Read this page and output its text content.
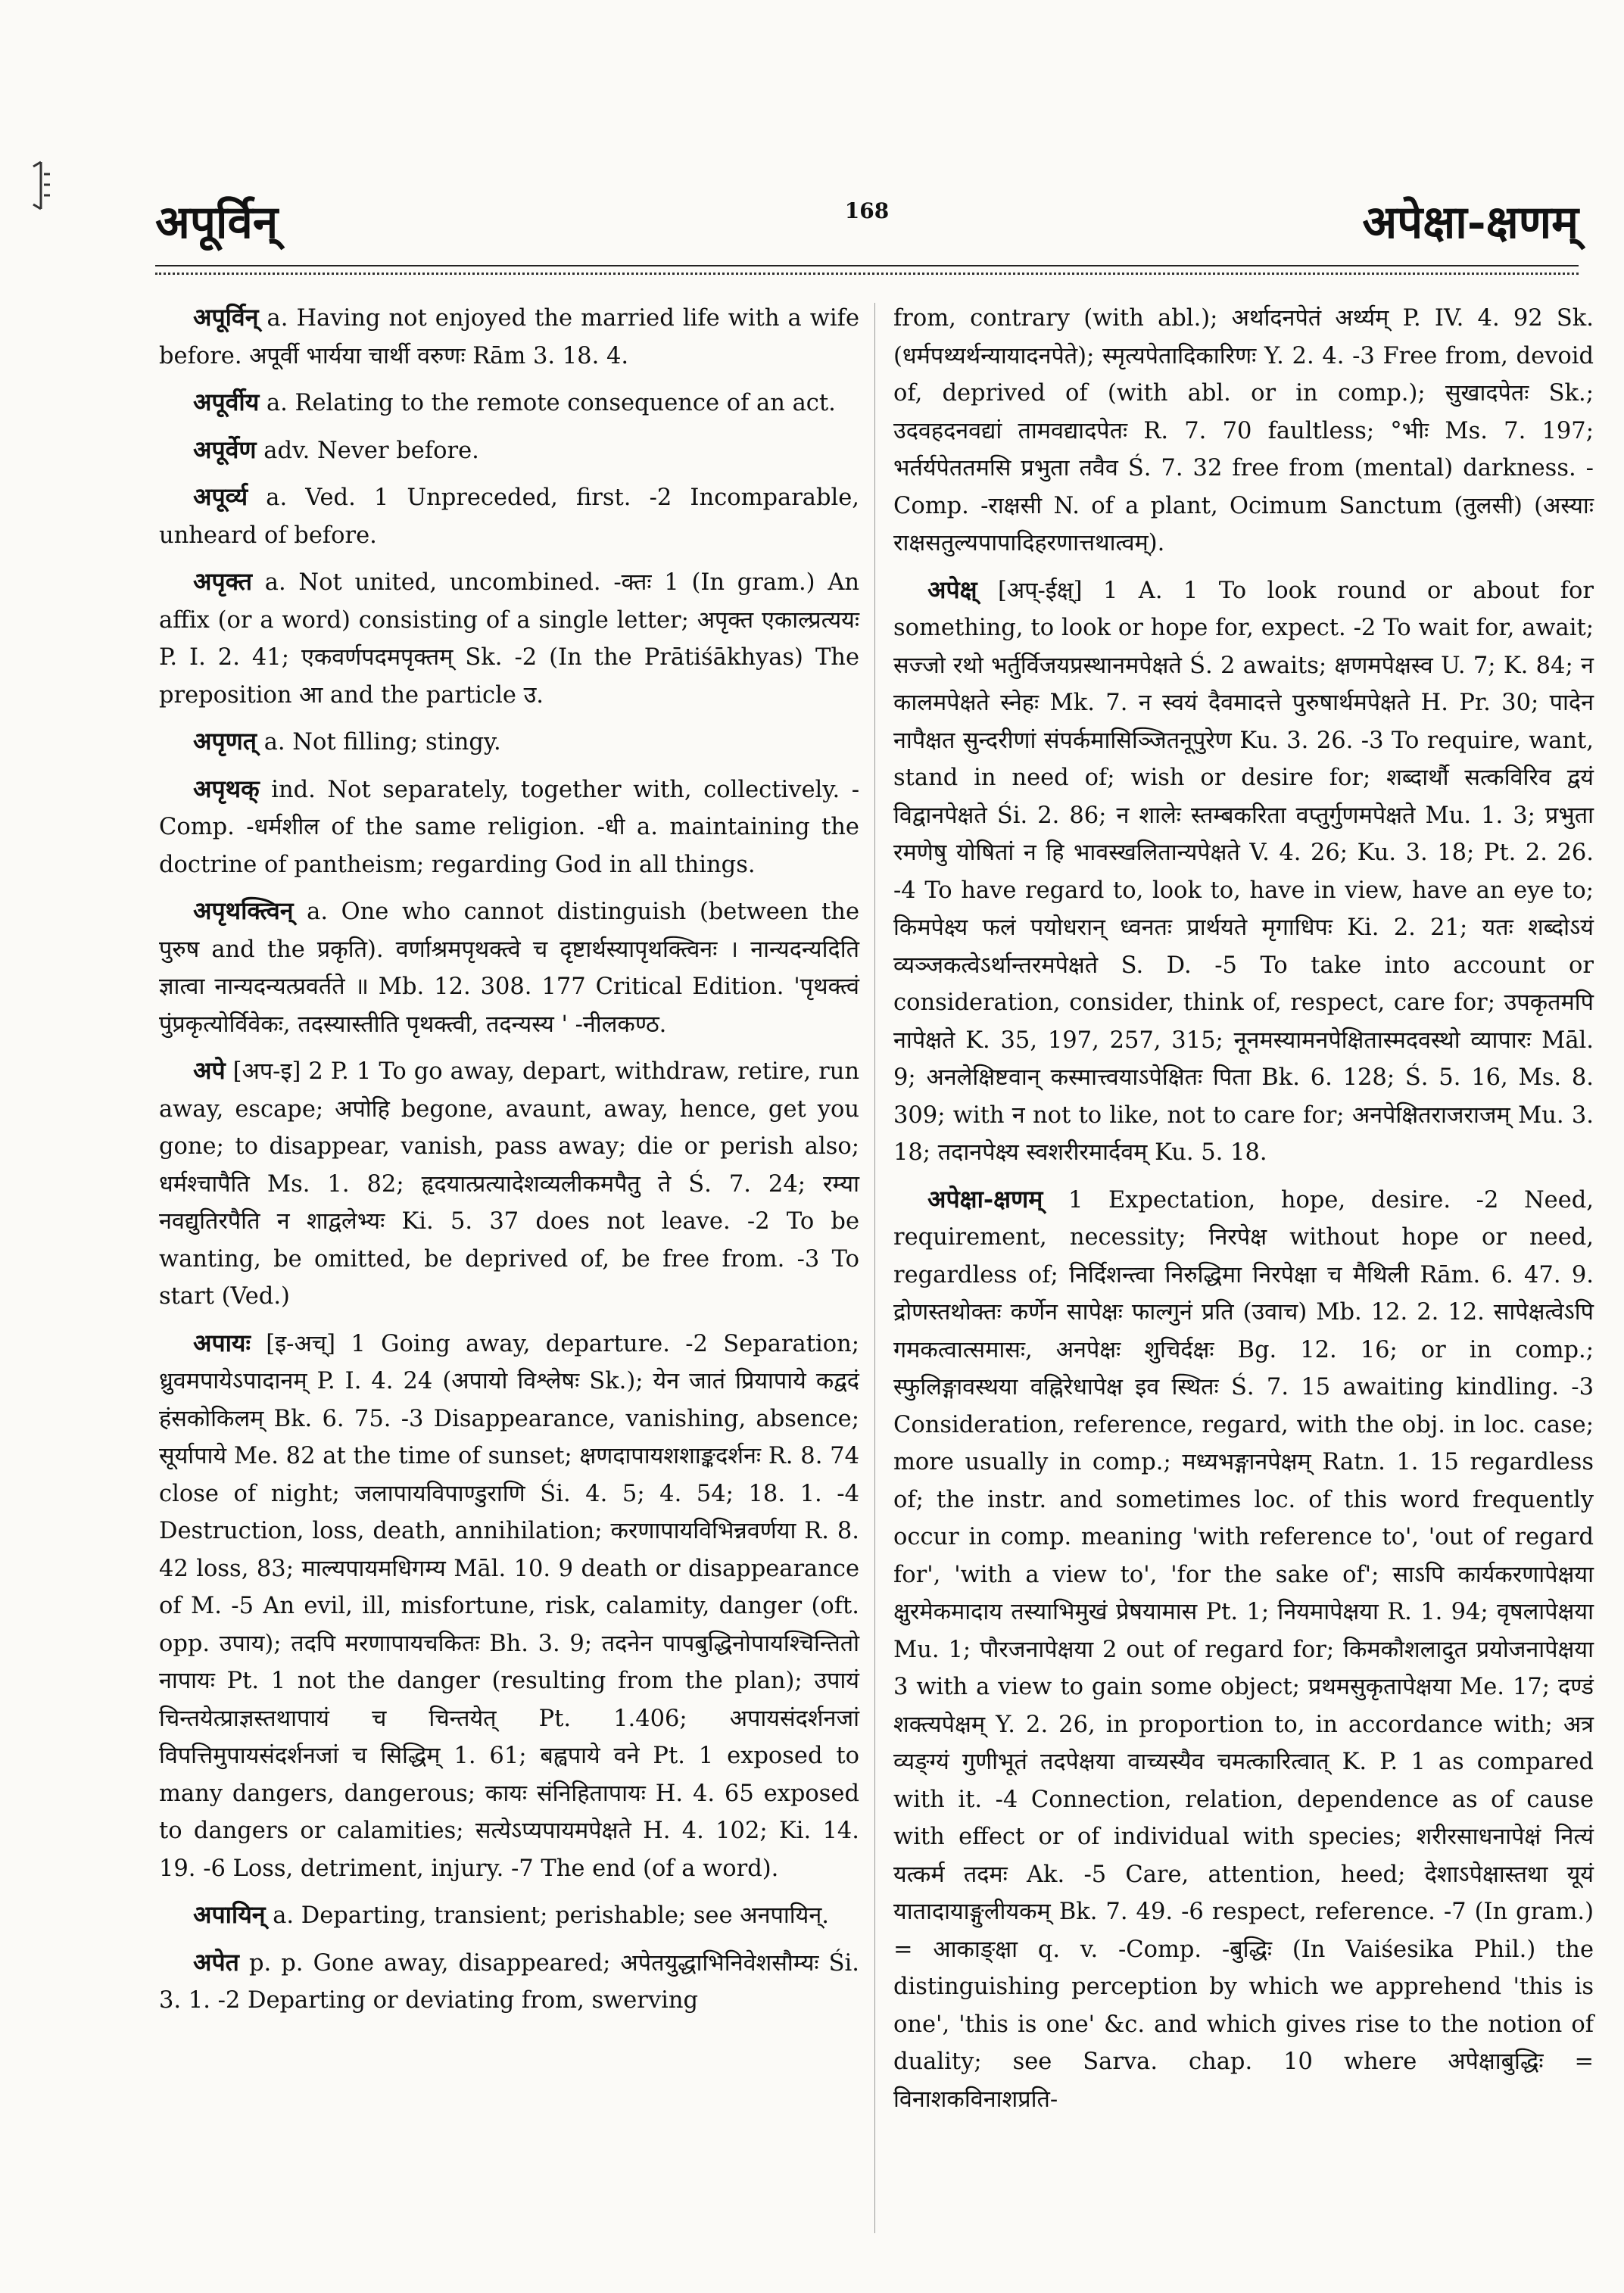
अपूर्विन्	168	अपेक्षा-क्षणम्

अपूर्विन् a. Having not enjoyed the married life with a wife before. अपूर्वी भार्यया चार्थी वरुणः Rām 3. 18. 4.

अपूर्वीय a. Relating to the remote consequence of an act.

अपूर्वेण adv. Never before.

अपूर्व्य a. Ved. 1 Unpreceded, first. -2 Incomparable, unheard of before.

अपृक्त a. Not united, uncombined. -क्तः 1 (In gram.) An affix (or a word) consisting of a single letter; अपृक्त एकाल्प्रत्ययः P. I. 2. 41; एकवर्णपदमपृक्तम् Sk. -2 (In the Prātiśākhyas) The preposition आ and the particle उ.

अपृणत् a. Not filling; stingy.

अपृथक् ind. Not separately, together with, collectively. -Comp. -धर्मशील of the same religion. -धी a. maintaining the doctrine of pantheism; regarding God in all things.

अपृथक्त्विन् a. One who cannot distinguish (between the पुरुष and the प्रकृति). वर्णाश्रमपृथक्त्वे च दृष्टार्थस्यापृथक्त्विनः । नान्यदन्यदिति ज्ञात्वा नान्यदन्यत्प्रवर्तते ॥ Mb. 12. 308. 177 Critical Edition. 'पृथक्त्वं पुंप्रकृत्योर्विवेकः, तदस्यास्तीति पृथक्त्वी, तदन्यस्य ' -नीलकण्ठ.

अपे [अप-इ] 2 P. 1 To go away, depart, withdraw, retire, run away, escape; अपोहि begone, avaunt, away, hence, get you gone; to disappear, vanish, pass away; die or perish also; धर्मश्चापैति Ms. 1. 82; हृदयात्प्रत्यादेशव्यलीकमपैतु ते Ś. 7. 24; रम्या नवद्युतिरपैति न शाद्वलेभ्यः Ki. 5. 37 does not leave. -2 To be wanting, be omitted, be deprived of, be free from. -3 To start (Ved.)

अपायः [इ-अच्] 1 Going away, departure. -2 Separation; ध्रुवमपायेऽपादानम् P. I. 4. 24 (अपायो विश्लेषः Sk.); येन जातं प्रियापाये कद्वदं हंसकोकिलम् Bk. 6. 75. -3 Disappearance, vanishing, absence; सूर्यापाये Me. 82 at the time of sunset; क्षणदापायशशाङ्कदर्शनः R. 8. 74 close of night; जलापायविपाण्डुराणि Śi. 4. 5; 4. 54; 18. 1. -4 Destruction, loss, death, annihilation; करणापायविभिन्नवर्णया R. 8. 42 loss, 83; माल्यपायमधिगम्य Māl. 10. 9 death or disappearance of M. -5 An evil, ill, misfortune, risk, calamity, danger (oft. opp. उपाय); तदपि मरणापायचकितः Bh. 3. 9; तदनेन पापबुद्धिनोपायश्चिन्तितो नापायः Pt. 1 not the danger (resulting from the plan); उपायं चिन्तयेत्प्राज्ञस्तथापायं च चिन्तयेत् Pt. 1.406; अपायसंदर्शनजां विपत्तिमुपायसंदर्शनजां च सिद्धिम् 1. 61; बह्वपाये वने Pt. 1 exposed to many dangers, dangerous; कायः संनिहितापायः H. 4. 65 exposed to dangers or calamities; सत्येऽप्यपायमपेक्षते H. 4. 102; Ki. 14. 19. -6 Loss, detriment, injury. -7 The end (of a word).

अपायिन् a. Departing, transient; perishable; see अनपायिन्.

अपेत p. p. Gone away, disappeared; अपेतयुद्धाभिनिवेशसौम्यः Śi. 3. 1. -2 Departing or deviating from, swerving

from, contrary (with abl.); अर्थादनपेतं अर्थ्यम् P. IV. 4. 92 Sk. (धर्मपथ्यर्थन्यायादनपेते); स्मृत्यपेतादिकारिणः Y. 2. 4. -3 Free from, devoid of, deprived of (with abl. or in comp.); सुखादपेतः Sk.; उदवहदनवद्यां तामवद्यादपेतः R. 7. 70 faultless; °भीः Ms. 7. 197; भर्तर्यपेततमसि प्रभुता तवैव Ś. 7. 32 free from (mental) darkness. -Comp. -राक्षसी N. of a plant, Ocimum Sanctum (तुलसी) (अस्याः राक्षसतुल्यपापादिहरणात्तथात्वम्).

अपेक्ष् [अप्-ईक्ष्] 1 A. 1 To look round or about for something, to look or hope for, expect. -2 To wait for, await; सज्जो रथो भर्तुर्विजयप्रस्थानमपेक्षते Ś. 2 awaits; क्षणमपेक्षस्व U. 7; K. 84; न कालमपेक्षते स्नेहः Mk. 7. न स्वयं दैवमादत्ते पुरुषार्थमपेक्षते H. Pr. 30; पादेन नापैक्षत सुन्दरीणां संपर्कमासिञ्जितनूपुरेण Ku. 3. 26. -3 To require, want, stand in need of; wish or desire for; शब्दार्थौ सत्कविरिव द्वयं विद्वानपेक्षते Śi. 2. 86; न शालेः स्तम्बकरिता वप्तुर्गुणमपेक्षते Mu. 1. 3; प्रभुता रमणेषु योषितां न हि भावस्खलितान्यपेक्षते V. 4. 26; Ku. 3. 18; Pt. 2. 26. -4 To have regard to, look to, have in view, have an eye to; किमपेक्ष्य फलं पयोधरान् ध्वनतः प्रार्थयते मृगाधिपः Ki. 2. 21; यतः शब्दोऽयं व्यञ्जकत्वेऽर्थान्तरमपेक्षते S. D. -5 To take into account or consideration, consider, think of, respect, care for; उपकृतमपि नापेक्षते K. 35, 197, 257, 315; नूनमस्यामनपेक्षितास्मदवस्थो व्यापारः Māl. 9; अनलेक्षिष्टवान् कस्मात्त्वयाऽपेक्षितः पिता Bk. 6. 128; Ś. 5. 16, Ms. 8. 309; with न not to like, not to care for; अनपेक्षितराजराजम् Mu. 3. 18; तदानपेक्ष्य स्वशरीरमार्दवम् Ku. 5. 18.

अपेक्षा-क्षणम् 1 Expectation, hope, desire. -2 Need, requirement, necessity; निरपेक्ष without hope or need, regardless of; निर्दिशन्त्वा निरुद्धिमा निरपेक्षा च मैथिली Rām. 6. 47. 9. द्रोणस्तथोक्तः कर्णेन सापेक्षः फाल्गुनं प्रति (उवाच) Mb. 12. 2. 12. सापेक्षत्वेऽपि गमकत्वात्समासः, अनपेक्षः शुचिर्दक्षः Bg. 12. 16; or in comp.; स्फुलिङ्गावस्थया वह्निरेधापेक्ष इव स्थितः Ś. 7. 15 awaiting kindling. -3 Consideration, reference, regard, with the obj. in loc. case; more usually in comp.; मध्यभङ्गानपेक्षम् Ratn. 1. 15 regardless of; the instr. and sometimes loc. of this word frequently occur in comp. meaning 'with reference to', 'out of regard for', 'with a view to', 'for the sake of'; साऽपि कार्यकरणापेक्षया क्षुरमेकमादाय तस्याभिमुखं प्रेषयामास Pt. 1; नियमापेक्षया R. 1. 94; वृषलापेक्षया Mu. 1; पौरजनापेक्षया 2 out of regard for; किमकौशलादुत प्रयोजनापेक्षया 3 with a view to gain some object; प्रथमसुकृतापेक्षया Me. 17; दण्डं शक्त्यपेक्षम् Y. 2. 26, in proportion to, in accordance with; अत्र व्यङ्ग्यं गुणीभूतं तदपेक्षया वाच्यस्यैव चमत्कारित्वात् K. P. 1 as compared with it. -4 Connection, relation, dependence as of cause with effect or of individual with species; शरीरसाधनापेक्षं नित्यं यत्कर्म तदमः Ak. -5 Care, attention, heed; देशाऽपेक्षास्तथा यूयं यातादायाङ्गुलीयकम् Bk. 7. 49. -6 respect, reference. -7 (In gram.) = आकाङ्क्षा q. v. -Comp. -बुद्धिः (In Vaiśesika Phil.) the distinguishing perception by which we apprehend 'this is one', 'this is one' &c. and which gives rise to the notion of duality; see Sarva. chap. 10 where अपेक्षाबुद्धिः = विनाशकविनाशप्रति-
